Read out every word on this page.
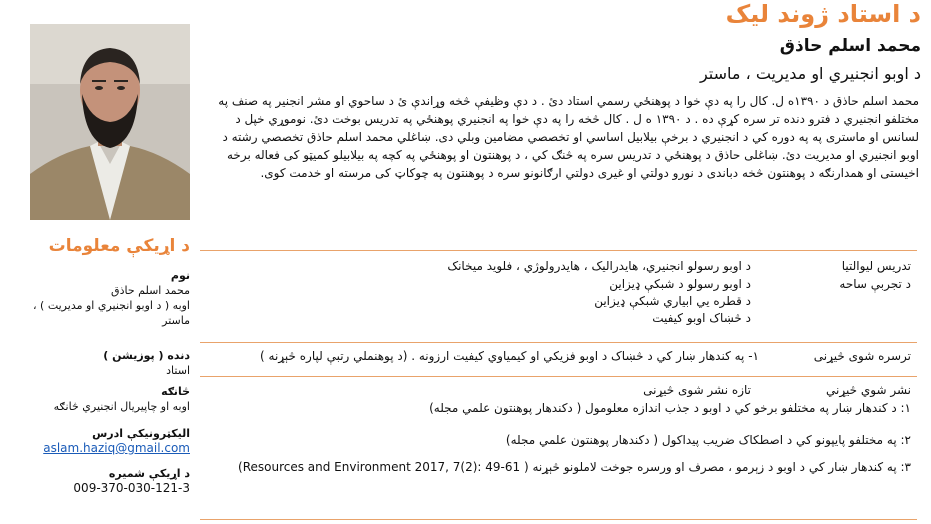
د استاد ژوند لیک
محمد اسلم حاذق
د اوبو انجنيري او مديريت ، ماستر
محمد اسلم حاذق د ۱۳۹۰ه ل. کال را په دې خوا د پوهنځي رسمي استاد دئ . د دې وظيفې څخه وړاندې ئ د ساحوي او مشر انجنير په صنف په مختلفو انجنيري د فترو دنده تر سره کړې ده . د ۱۳۹۰ ه ل . کال څخه را په دې خوا په انجنيري پوهنځي په تدريس بوخت دئ. نوموړي خپل د لسانس او ماستری په په دوره کي د انجنيري د برخې بيلابيل اساسي او تخصصي مضامين وبلي دی. ښاغلي محمد اسلم حاذق تخصصي رشته د اوبو انجنيري او مديريت دئ. ښاغلی حاذق د پوهنځي د تدريس سره په څنګ کي ، د پوهنتون او پوهنځي په کچه په بیلابیلو کمیټو کی فعاله برخه اخيستی او همدارنګه د پوهنتون څخه دباندی د نورو دولتي او غيری دولتي ارګانونو سره د پوهنتون په چوکاټ کی مرسته او خدمت کوی.
د اړيکې معلومات
نوم
محمد اسلم حاذق
اوبه ( د اوبو انجنيري او مديريت ) ، ماستر
دنده ( پوزيشن )
استاد
څانګه
اوبه او چاپیریال انجنيري څانګه
اليکټرونيکې ادرس
aslam.haziq@gmail.com
د اړيکې شميره
009-370-030-121-3
تدریس لیوالتيا
د اوبو رسولو انجنيري، هايدراليک ، هايدرولوژي ، فلويد ميخانک
د تجربې ساحه
د اوبو رسولو د شبکې ډیزاین
د قطره يي ابياري شبکې ډيزاين
د څښاک اوبو کيفيت
ترسره شوی څیړنی
۱- په کندهار ښار کي د څښاک د اوبو فزيکي او کيمياوي کيفيت ارزونه . (د پوهنملي رتبې لپاره څېړنه )
نشر شوي څيړني
تازه نشر شوی څیړنی
۱: د کندهار ښار په مختلفو برخو کي د اوبو د جذب اندازه معلومول ( دکندهار پوهنتون علمي مجله)
۲: په مختلفو پايپونو کي د اصطکاک ضريب پيداکول ( دکندهار پوهنتون علمي مجله)
۳: په کندهار ښار کي د اوبو د زېرمو ، مصرف او ورسره جوخت لاملونو څېړنه ( Resources and Environment 2017, 7(2): 49-61)
